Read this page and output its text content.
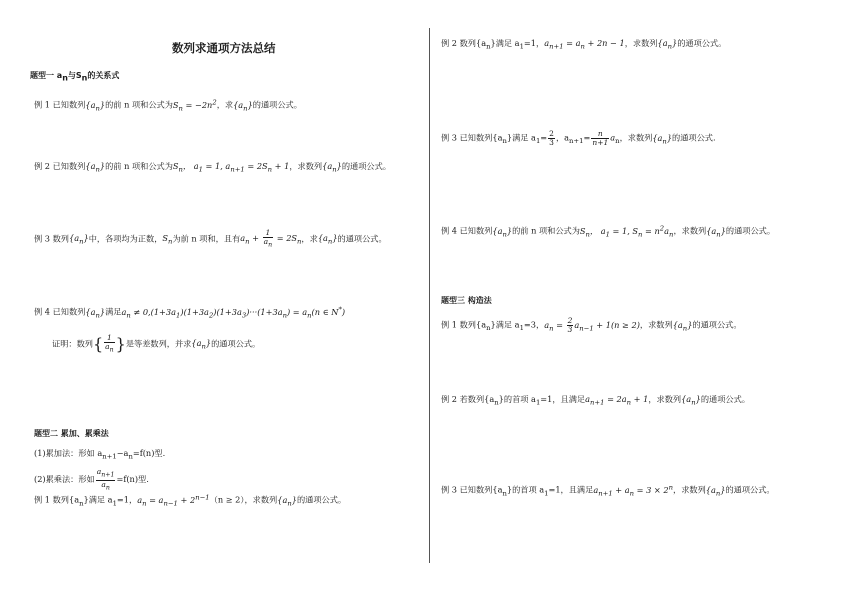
数列求通项方法总结
题型一 $a_n$与$S_n$的关系式
例 1 已知数列$\{a_n\}$的前 n 项和公式为$S_n = -2n^2$，求$\{a_n\}$的通项公式。
例 2 已知数列$\{a_n\}$的前 n 项和公式为$S_n$， $a_1 = 1$, $a_{n+1} = 2S_n + 1$，求数列$\{a_n\}$的通项公式。
例 3 数列$\{a_n\}$中，各项均为正数，$S_n$为前 n 项和，且有$a_n + \frac{1}{a_n} = 2S_n$，求$\{a_n\}$的通项公式。
例 4 已知数列$\{a_n\}$满足$a_n \ne 0,(1+3a_1)(1+3a_2)(1+3a_3)\cdot\cdot\cdot(1+3a_n) = a_n(n$ ∈ N*)
证明：数列{ $\frac{1}{a_n}$ }是等差数列，并求$\{a_n\}$的通项公式。
题型二 累加、累乘法
(1)累加法：形如 $a_{n+1}-a_n=f(n)$型.
(2)累乘法：形如 $\frac{a_{n+1}}{a_n} =f(n)$型.
例 1 数列$\{a_n\}$满足 $a_1=1$，$a_n = a_{n-1} + 2^{n-1}(n \ge 2)$，求数列$\{a_n\}$的通项公式。
例 2 数列$\{a_n\}$满足 $a_1=1$，$a_{n+1} = a_n + 2n - 1$，求数列$\{a_n\}$的通项公式。
例 3 已知数列$\{a_n\}$满足 $a_1= \frac{2}{3}$ ，$a_{n+1}= \frac{n}{n+1} a_n$，求数列$\{a_n\}$的通项公式.
例 4 已知数列$\{a_n\}$的前 n 项和公式为$S_n$， $a_1 = 1$, $S_n = n^2a_n$，求数列$\{a_n\}$的通项公式。
题型三 构造法
例 1 数列$\{a_n\}$满足 $a_1=3$，$a_n = \frac{2}{3} a_{n-1} + 1(n \ge 2)$，求数列$\{a_n\}$的通项公式。
例 2 若数列$\{a_n\}$的首项 $a_1=1$，且满足$a_{n+1} = 2a_n + 1$，求数列$\{a_n\}$的通项公式。
例 3 已知数列$\{a_n\}$的首项 $a_1=1$，且满足$a_{n+1} + a_n = 3 \times 2^n$，求数列$\{a_n\}$的通项公式。
